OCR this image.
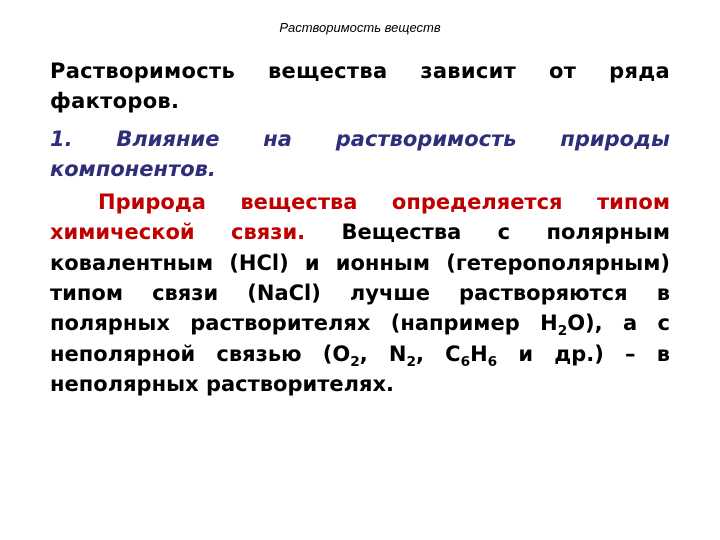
Растворимость веществ

Растворимость вещества зависит от ряда факторов.

1. Влияние на растворимость природы компонентов.

Природа вещества определяется типом химической связи. Вещества с полярным ковалентным (HCl) и ионным (гетерополярным) типом связи (NaCl) лучше растворяются в полярных растворителях (например $H_2O$), а с неполярной связью ($O_2$, $N_2$, $C_6H_6$ и др.) – в неполярных растворителях.
